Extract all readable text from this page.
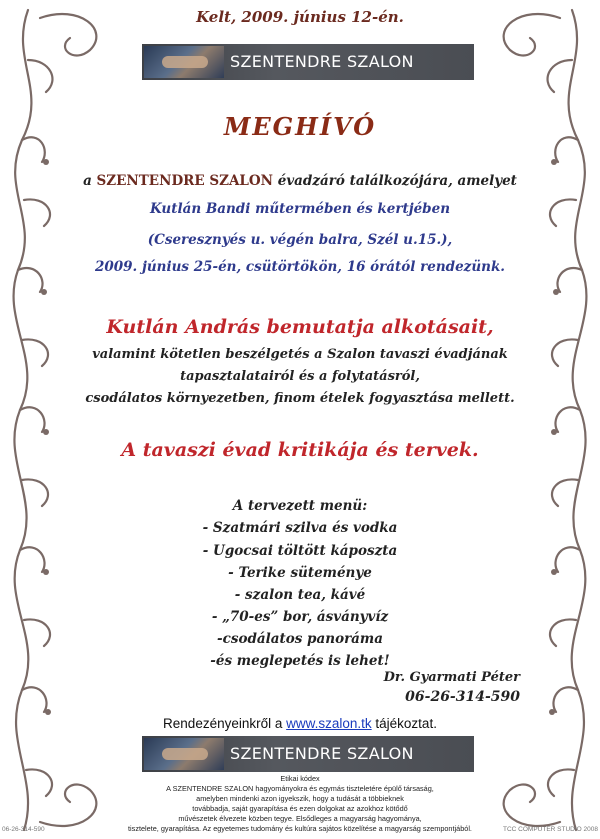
Kelt, 2009. június 12-én.
SZENTENDRE SZALON
MEGHÍVÓ
a SZENTENDRE SZALON évadzáró találkozójára, amelyet
Kutlán Bandi műtermében és kertjében
(Cseresznyés u. végén balra, Szél u.15.),
2009. június 25-én, csütörtökön, 16 órától rendezünk.
Kutlán András bemutatja alkotásait,
valamint kötetlen beszélgetés a Szalon tavaszi évadjának
tapasztalatairól és a folytatásról,
csodálatos környezetben, finom ételek fogyasztása mellett.
A tavaszi évad kritikája és tervek.
A tervezett menü:
- Szatmári szilva és vodka
- Ugocsai töltött káposzta
- Terike süteménye
- szalon tea, kávé
- „70-es” bor, ásványvíz
-csodálatos panoráma
-és meglepetés is lehet!
Dr. Gyarmati Péter
06-26-314-590
Rendezényeinkről a www.szalon.tk tájékoztat.
SZENTENDRE SZALON
Etikai kódex
A SZENTENDRE SZALON hagyományokra és egymás tiszteletére épülő társaság,
amelyben mindenki azon igyekszik, hogy a tudását a többieknek
továbbadja, saját gyarapítása és ezen dolgokat az azokhoz kötődő
művészetek élvezete közben tegye. Elsődleges a magyarság hagyománya,
tisztelete, gyarapítása. Az egyetemes tudomány és kultúra sajátos közelítése a magyarság szempontjából.
06-26-314-590	TCC COMPUTER STUDIO 2008
